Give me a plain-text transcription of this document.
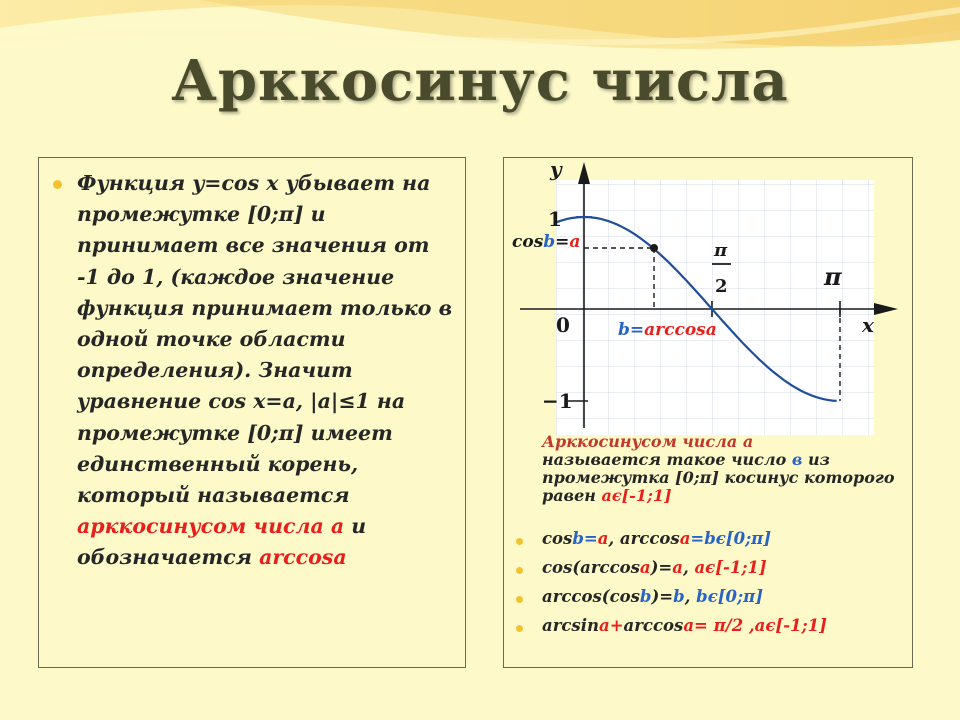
Арккосинус числа
Функция y=cos x убывает на промежутке [0;π] и принимает все значения от -1 до 1, (каждое значение функция принимает только в одной точке области определения). Значит уравнение cos x=a, |a|≤1 на промежутке [0;π] имеет единственный корень, который называется арккосинусом числа а и обозначается arccosa
y
x
0
1
−1
π
2	π
cosb=a
b=arccosa
Арккосинусом числа а
называется такое число в из промежутка [0;π] косинус которого равен aϵ[-1;1]
cosb=a, arccosa=bϵ[0;π]
cos(arccosa)=a, aϵ[-1;1]
arccos(cosb)=b, bϵ[0;π]
arcsina+arccosa= π/2 ,aϵ[-1;1]
